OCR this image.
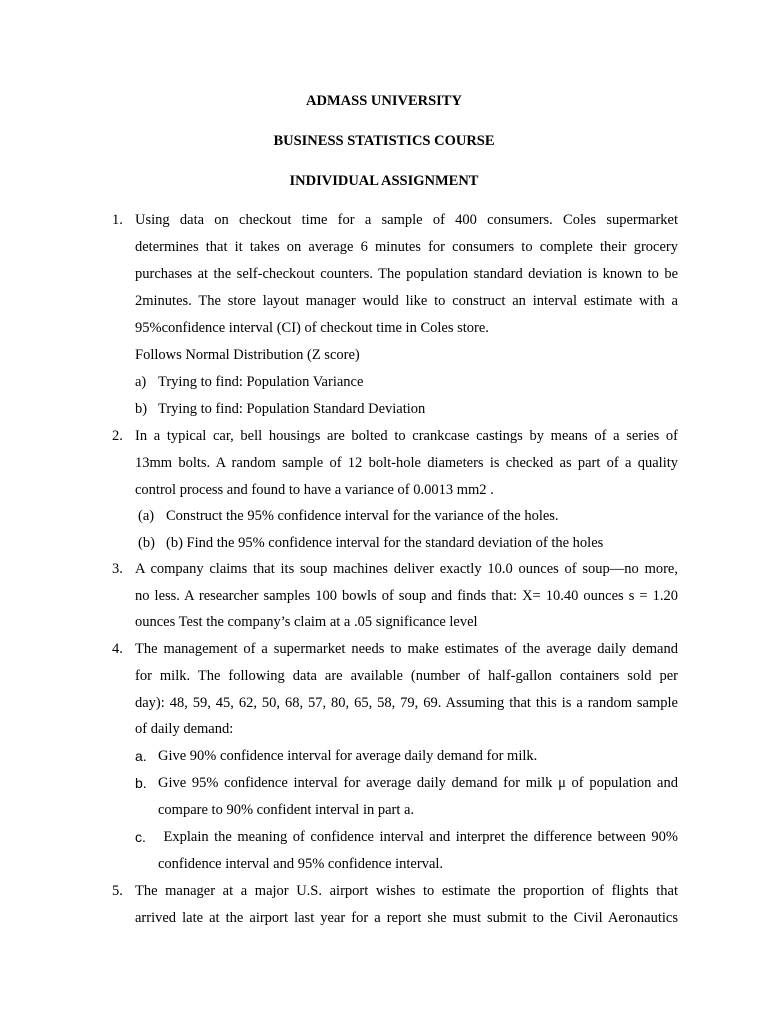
ADMASS UNIVERSITY
BUSINESS STATISTICS COURSE
INDIVIDUAL ASSIGNMENT
1. Using data on checkout time for a sample of 400 consumers. Coles supermarket
determines that it takes on average 6 minutes for consumers to complete their grocery
purchases at the self-checkout counters. The population standard deviation is known to be
2minutes. The store layout manager would like to construct an interval estimate with a
95%confidence interval (CI) of checkout time in Coles store.
Follows Normal Distribution (Z score)
a) Trying to find: Population Variance
b) Trying to find: Population Standard Deviation
2. In a typical car, bell housings are bolted to crankcase castings by means of a series of
13mm bolts. A random sample of 12 bolt-hole diameters is checked as part of a quality
control process and found to have a variance of 0.0013 mm2 .
(a) Construct the 95% confidence interval for the variance of the holes.
(b) (b) Find the 95% confidence interval for the standard deviation of the holes
3. A company claims that its soup machines deliver exactly 10.0 ounces of soup—no more,
no less. A researcher samples 100 bowls of soup and finds that: X= 10.40 ounces s = 1.20
ounces Test the company’s claim at a .05 significance level
4. The management of a supermarket needs to make estimates of the average daily demand
for milk. The following data are available (number of half-gallon containers sold per
day): 48, 59, 45, 62, 50, 68, 57, 80, 65, 58, 79, 69. Assuming that this is a random sample
of daily demand:
a. Give 90% confidence interval for average daily demand for milk.
b. Give 95% confidence interval for average daily demand for milk μ of population and
compare to 90% confident interval in part a.
c. Explain the meaning of confidence interval and interpret the difference between 90%
confidence interval and 95% confidence interval.
5. The manager at a major U.S. airport wishes to estimate the proportion of flights that
arrived late at the airport last year for a report she must submit to the Civil Aeronautics
